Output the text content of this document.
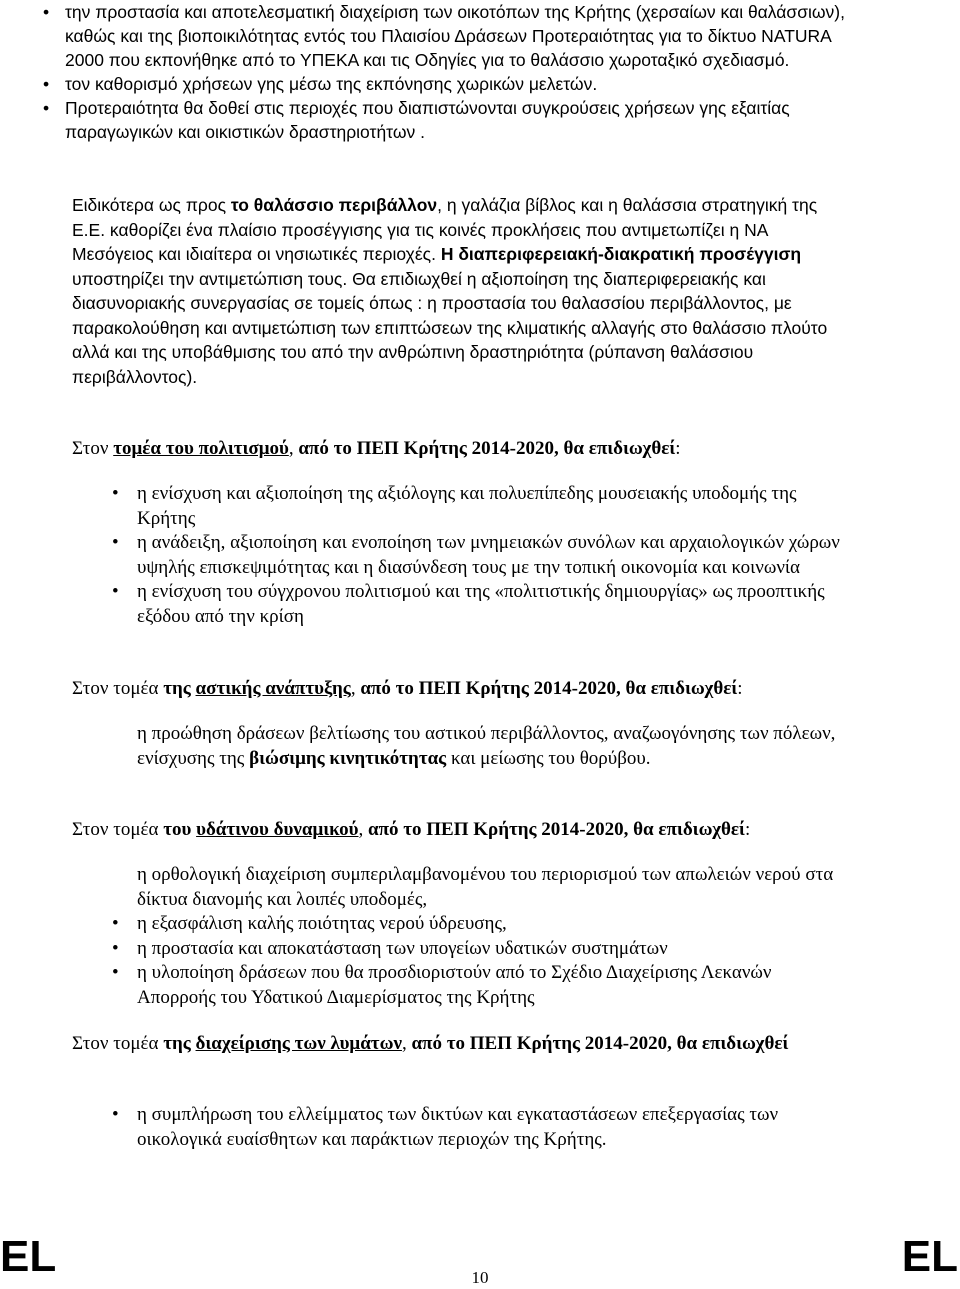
• την προστασία και αποτελεσματική διαχείριση των οικοτόπων της Κρήτης (χερσαίων και θαλάσσιων), καθώς και της βιοποικιλότητας εντός του Πλαισίου Δράσεων Προτεραιότητας για το δίκτυο NATURA 2000 που εκπονήθηκε από το ΥΠΕΚΑ και τις Οδηγίες για το θαλάσσιο χωροταξικό σχεδιασμό.
• τον καθορισμό χρήσεων γης μέσω της εκπόνησης χωρικών μελετών.
• Προτεραιότητα θα δοθεί στις περιοχές που διαπιστώνονται συγκρούσεις χρήσεων γης εξαιτίας παραγωγικών και οικιστικών δραστηριοτήτων .

Ειδικότερα ως προς το θαλάσσιο περιβάλλον, η γαλάζια βίβλος και η θαλάσσια στρατηγική της Ε.Ε. καθορίζει ένα πλαίσιο προσέγγισης για τις κοινές προκλήσεις που αντιμετωπίζει η ΝΑ Μεσόγειος και ιδιαίτερα οι νησιωτικές περιοχές. Η διαπεριφερειακή-διακρατική προσέγγιση υποστηρίζει την αντιμετώπιση τους. Θα επιδιωχθεί η αξιοποίηση της διαπεριφερειακής και διασυνοριακής συνεργασίας σε τομείς όπως : η προστασία του θαλασσίου περιβάλλοντος, με παρακολούθηση και αντιμετώπιση των επιπτώσεων της κλιματικής αλλαγής στο θαλάσσιο πλούτο αλλά και της υποβάθμισης του από την ανθρώπινη δραστηριότητα (ρύπανση θαλάσσιου περιβάλλοντος).

Στον τομέα του πολιτισμού, από το ΠΕΠ Κρήτης 2014-2020, θα επιδιωχθεί:

• η ενίσχυση και αξιοποίηση της αξιόλογης και πολυεπίπεδης μουσειακής υποδομής της Κρήτης
• η ανάδειξη, αξιοποίηση και ενοποίηση των μνημειακών συνόλων και αρχαιολογικών χώρων υψηλής επισκεψιμότητας και η διασύνδεση τους με την τοπική οικονομία και κοινωνία
• η ενίσχυση του σύγχρονου πολιτισμού και της «πολιτιστικής δημιουργίας» ως προοπτικής εξόδου από την κρίση

Στον τομέα της αστικής ανάπτυξης, από το ΠΕΠ Κρήτης 2014-2020, θα επιδιωχθεί:

η προώθηση δράσεων βελτίωσης του αστικού περιβάλλοντος, αναζωογόνησης των πόλεων, ενίσχυσης της βιώσιμης κινητικότητας και μείωσης του θορύβου.

Στον τομέα του υδάτινου δυναμικού, από το ΠΕΠ Κρήτης 2014-2020, θα επιδιωχθεί:

η ορθολογική διαχείριση συμπεριλαμβανομένου του περιορισμού των απωλειών νερού στα δίκτυα διανομής και λοιπές υποδομές,
• η εξασφάλιση καλής ποιότητας νερού ύδρευσης,
• η προστασία και αποκατάσταση των υπογείων υδατικών συστημάτων
• η υλοποίηση δράσεων που θα προσδιοριστούν από το Σχέδιο Διαχείρισης Λεκανών Απορροής του Υδατικού Διαμερίσματος της Κρήτης

Στον τομέα της διαχείρισης των λυμάτων, από το ΠΕΠ Κρήτης 2014-2020, θα επιδιωχθεί

• η συμπλήρωση του ελλείμματος των δικτύων και εγκαταστάσεων επεξεργασίας των οικολογικά ευαίσθητων και παράκτιων περιοχών της Κρήτης.
EL	EL
10
